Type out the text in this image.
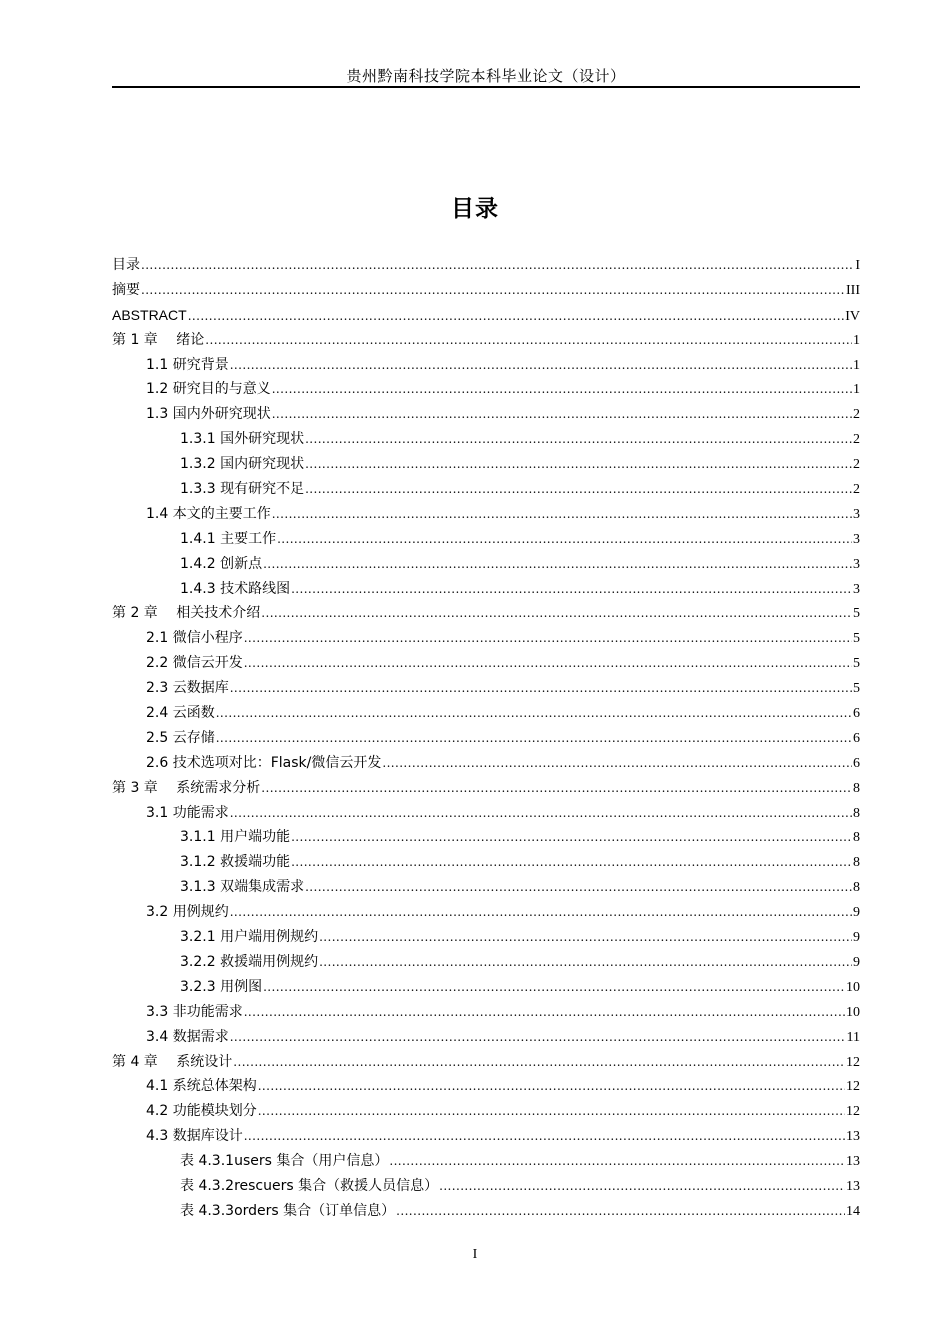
贵州黔南科技学院本科毕业论文（设计）
目录
目录 .....	I
摘要 .....	III
ABSTRACT .....	IV
第 1 章　 绪论 .....	1
1.1 研究背景 .....	1
1.2 研究目的与意义 .....	1
1.3 国内外研究现状 .....	2
1.3.1 国外研究现状 .....	2
1.3.2 国内研究现状 .....	2
1.3.3 现有研究不足 .....	2
1.4 本文的主要工作 .....	3
1.4.1 主要工作 .....	3
1.4.2 创新点 .....	3
1.4.3 技术路线图 .....	3
第 2 章　 相关技术介绍 .....	5
2.1 微信小程序 .....	5
2.2 微信云开发 .....	5
2.3 云数据库 .....	5
2.4 云函数 .....	6
2.5 云存储 .....	6
2.6 技术选项对比：Flask/微信云开发 .....	6
第 3 章　 系统需求分析 .....	8
3.1 功能需求 .....	8
3.1.1 用户端功能 .....	8
3.1.2 救援端功能 .....	8
3.1.3 双端集成需求 .....	8
3.2 用例规约 .....	9
3.2.1 用户端用例规约 .....	9
3.2.2 救援端用例规约 .....	9
3.2.3 用例图 .....	10
3.3 非功能需求 .....	10
3.4 数据需求 .....	11
第 4 章　 系统设计 .....	12
4.1 系统总体架构 .....	12
4.2 功能模块划分 .....	12
4.3 数据库设计 .....	13
表 4.3.1users 集合（用户信息） .....	13
表 4.3.2rescuers 集合（救援人员信息） .....	13
表 4.3.3orders 集合（订单信息） .....	14
I
